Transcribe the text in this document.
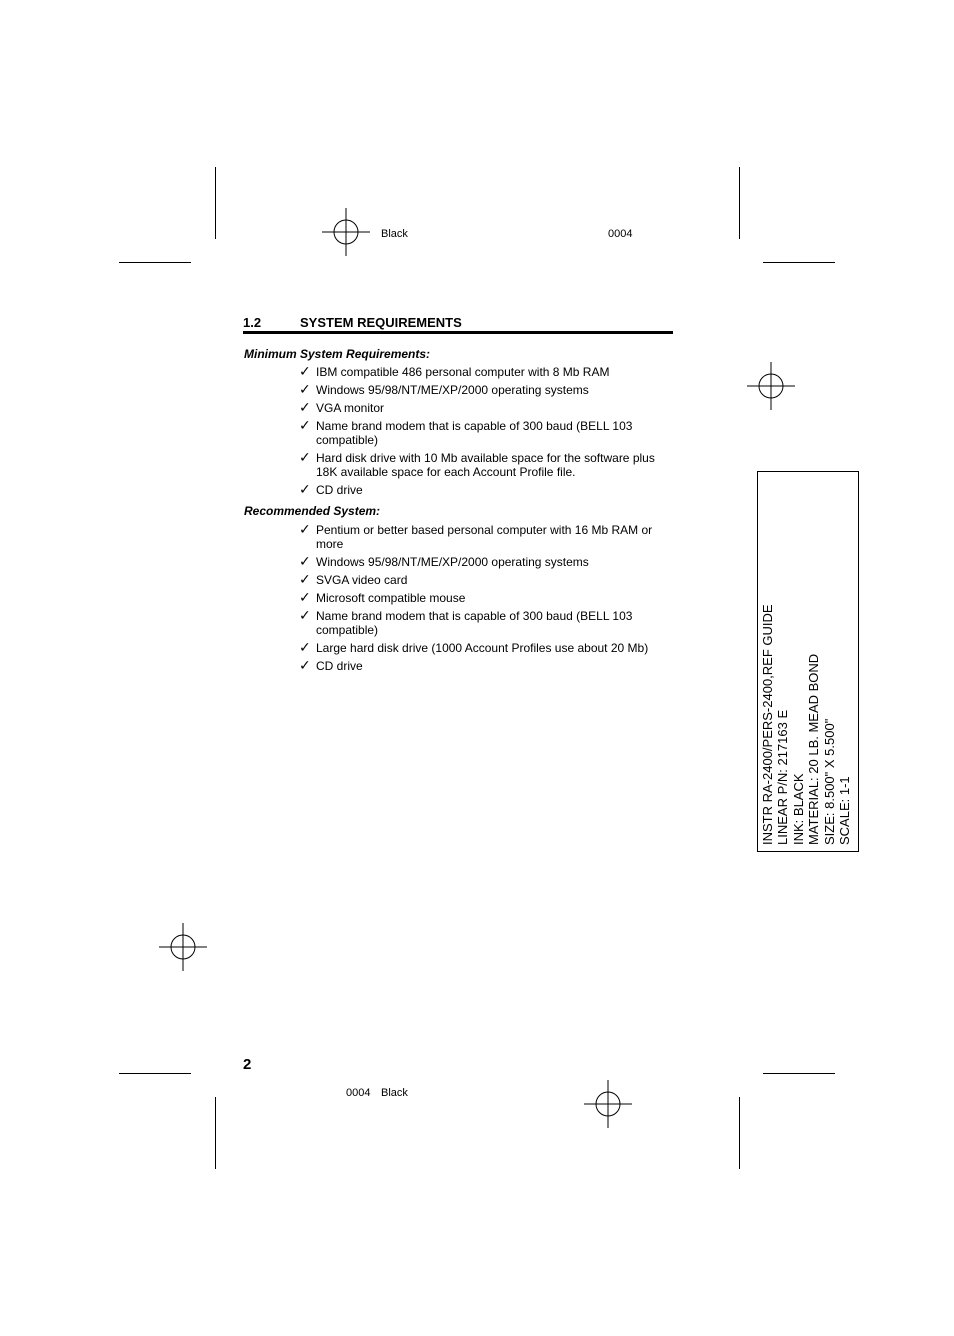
Black	0004
0004 Black
1.2	SYSTEM REQUIREMENTS
Minimum System Requirements:
✓ IBM compatible 486 personal computer with 8 Mb RAM
✓ Windows 95/98/NT/ME/XP/2000 operating systems
✓ VGA monitor
✓ Name brand modem that is capable of 300 baud (BELL 103 compatible)
✓ Hard disk drive with 10 Mb available space for the software plus 18K available space for each Account Profile file.
✓ CD drive
Recommended System:
✓ Pentium or better based personal computer with 16 Mb RAM or more
✓ Windows 95/98/NT/ME/XP/2000 operating systems
✓ SVGA video card
✓ Microsoft compatible mouse
✓ Name brand modem that is capable of 300 baud (BELL 103 compatible)
✓ Large hard disk drive (1000 Account Profiles use about 20 Mb)
✓ CD drive
2
INSTR RA-2400/PERS-2400,REF GUIDE LINEAR P/N: 217163 E INK: BLACK MATERIAL: 20 LB. MEAD BOND SIZE: 8.500" X 5.500" SCALE: 1-1
